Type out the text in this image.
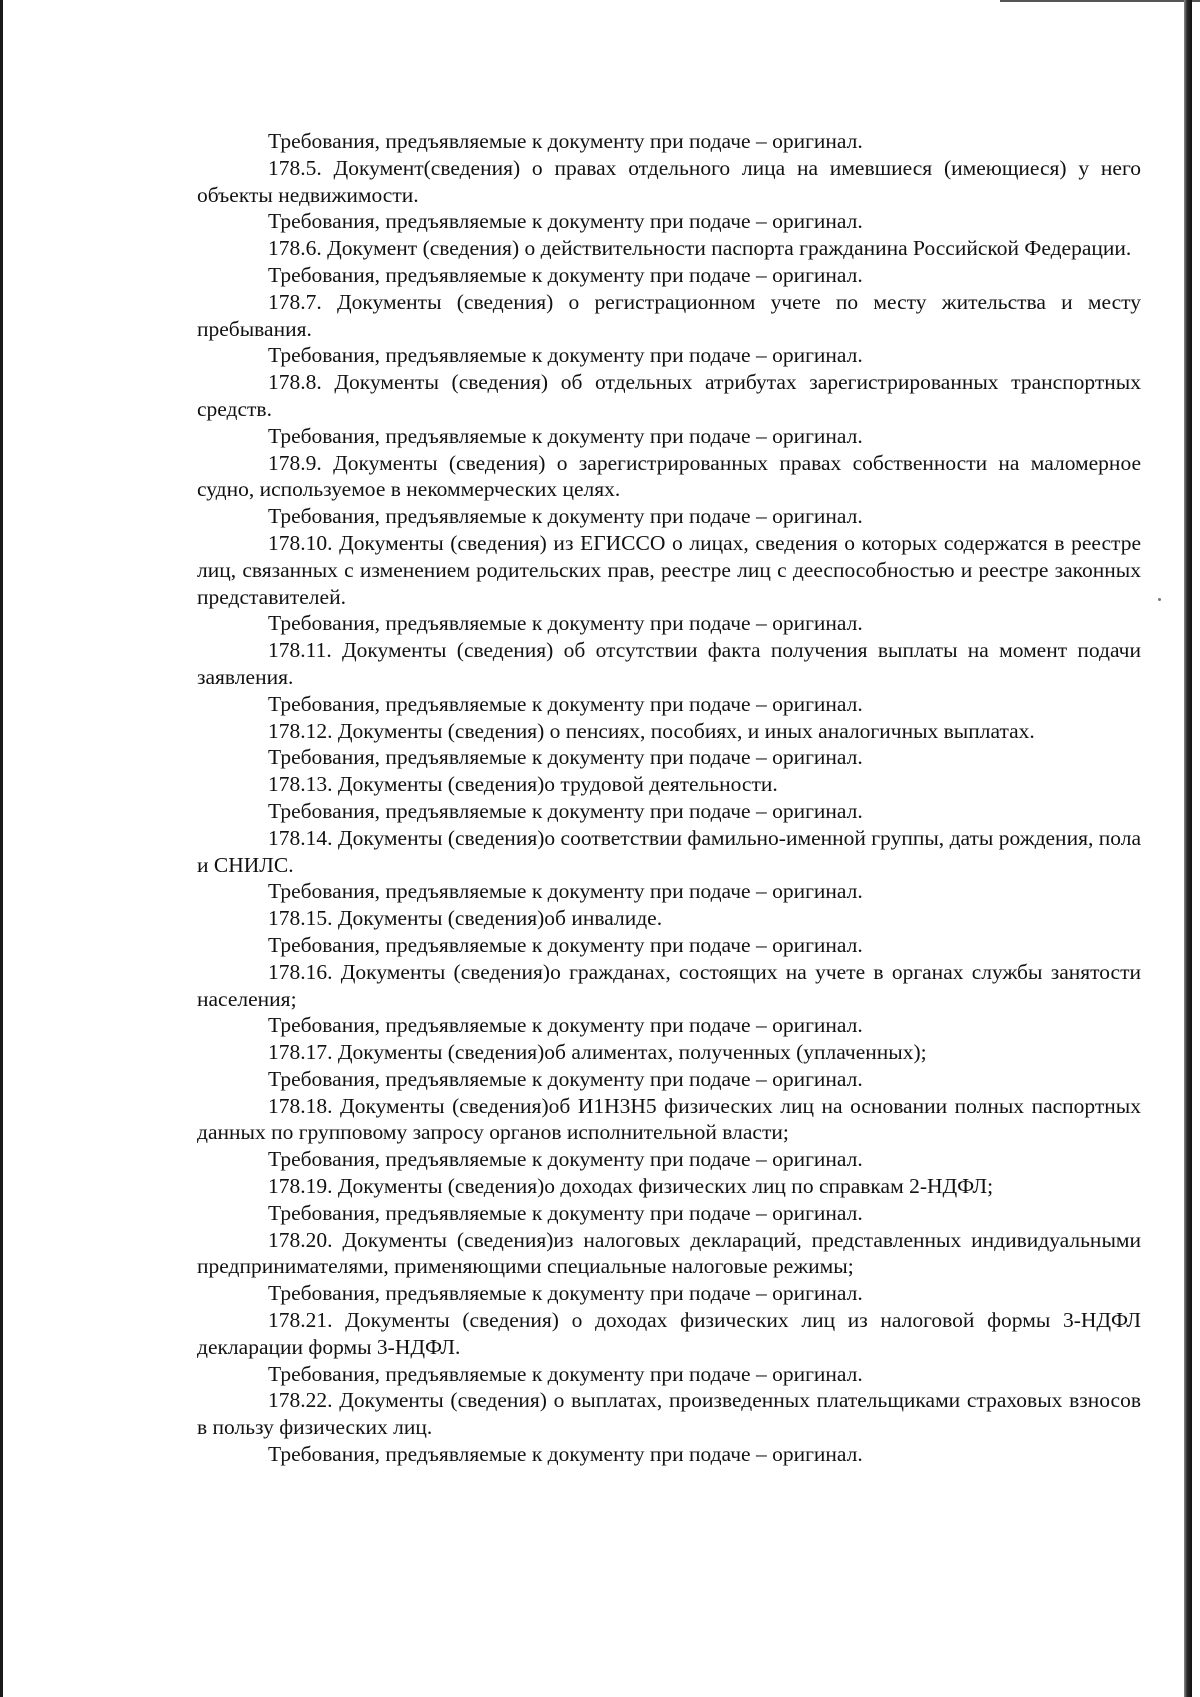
Требования, предъявляемые к документу при подаче – оригинал.

178.5. Документ(сведения) о правах отдельного лица на имевшиеся (имеющиеся) у него объекты недвижимости.

Требования, предъявляемые к документу при подаче – оригинал.

178.6. Документ (сведения) о действительности паспорта гражданина Российской Федерации.

Требования, предъявляемые к документу при подаче – оригинал.

178.7. Документы (сведения) о регистрационном учете по месту жительства и месту пребывания.

Требования, предъявляемые к документу при подаче – оригинал.

178.8. Документы (сведения) об отдельных атрибутах зарегистрированных транспортных средств.

Требования, предъявляемые к документу при подаче – оригинал.

178.9. Документы (сведения) о зарегистрированных правах собственности на маломерное судно, используемое в некоммерческих целях.

Требования, предъявляемые к документу при подаче – оригинал.

178.10. Документы (сведения) из ЕГИССО о лицах, сведения о которых содержатся в реестре лиц, связанных с изменением родительских прав, реестре лиц с дееспособностью и реестре законных представителей.

Требования, предъявляемые к документу при подаче – оригинал.

178.11. Документы (сведения) об отсутствии факта получения выплаты на момент подачи заявления.

Требования, предъявляемые к документу при подаче – оригинал.

178.12. Документы (сведения) о пенсиях, пособиях, и иных аналогичных выплатах.

Требования, предъявляемые к документу при подаче – оригинал.

178.13. Документы (сведения)о трудовой деятельности.

Требования, предъявляемые к документу при подаче – оригинал.

178.14. Документы (сведения)о соответствии фамильно-именной группы, даты рождения, пола и СНИЛС.

Требования, предъявляемые к документу при подаче – оригинал.

178.15. Документы (сведения)об инвалиде.

Требования, предъявляемые к документу при подаче – оригинал.

178.16. Документы (сведения)о гражданах, состоящих на учете в органах службы занятости населения;

Требования, предъявляемые к документу при подаче – оригинал.

178.17. Документы (сведения)об алиментах, полученных (уплаченных);

Требования, предъявляемые к документу при подаче – оригинал.

178.18. Документы (сведения)об И1Н3Н5 физических лиц на основании полных паспортных данных по групповому запросу органов исполнительной власти;

Требования, предъявляемые к документу при подаче – оригинал.

178.19. Документы (сведения)о доходах физических лиц по справкам 2-НДФЛ;

Требования, предъявляемые к документу при подаче – оригинал.

178.20. Документы (сведения)из налоговых деклараций, представленных индивидуальными предпринимателями, применяющими специальные налоговые режимы;

Требования, предъявляемые к документу при подаче – оригинал.

178.21. Документы (сведения) о доходах физических лиц из налоговой формы 3-НДФЛ декларации формы 3-НДФЛ.

Требования, предъявляемые к документу при подаче – оригинал.

178.22. Документы (сведения) о выплатах, произведенных плательщиками страховых взносов в пользу физических лиц.

Требования, предъявляемые к документу при подаче – оригинал.
